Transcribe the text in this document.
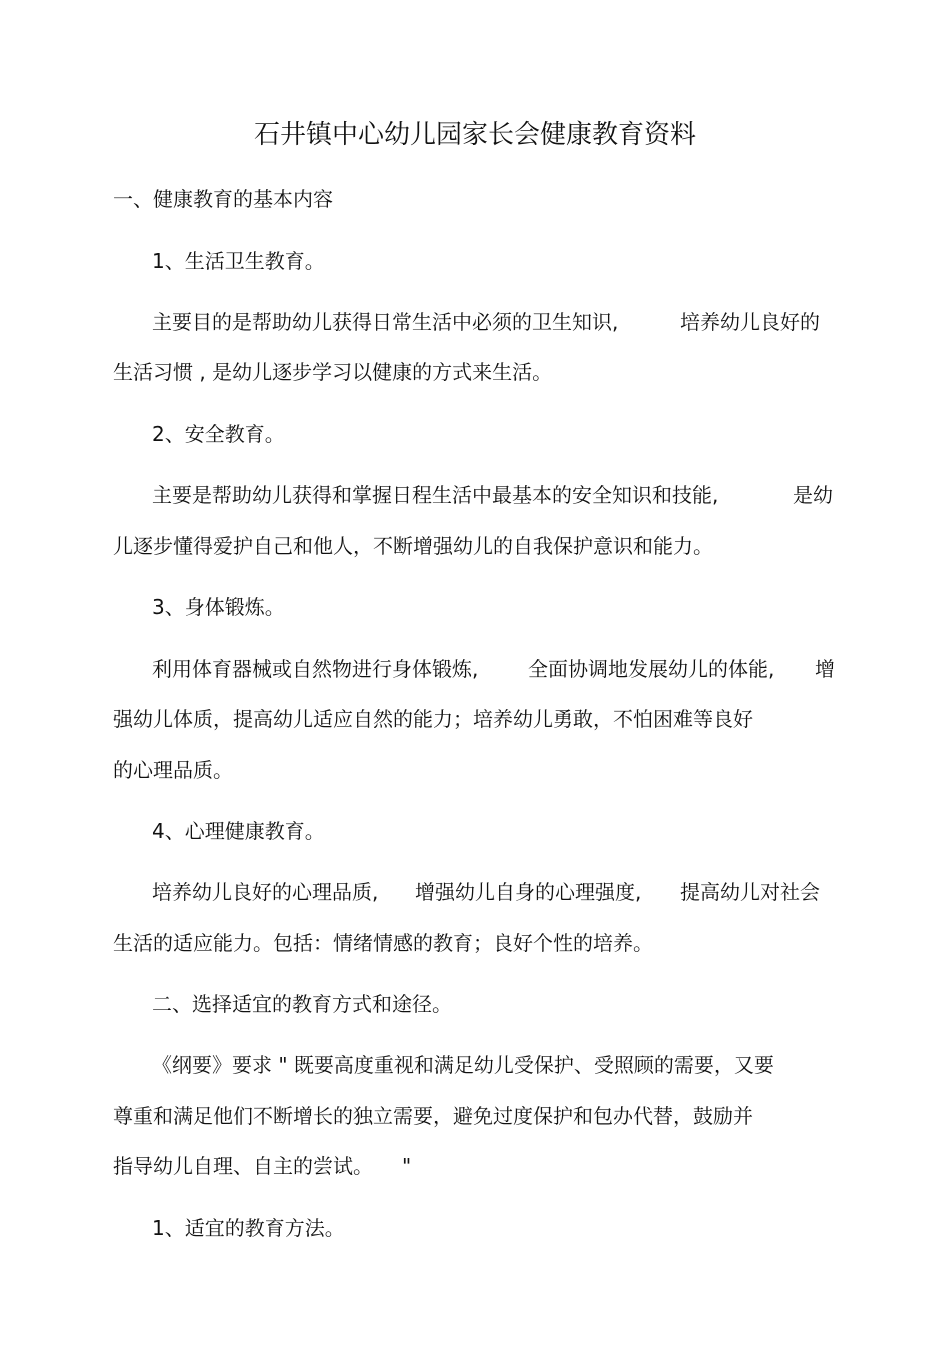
石井镇中心幼儿园家长会健康教育资料
一、健康教育的基本内容
1、生活卫生教育。
主要目的是帮助幼儿获得日常生活中必须的卫生知识,	培养幼儿良好的
生活习惯 , 是幼儿逐步学习以健康的方式来生活。
2、安全教育。
主要是帮助幼儿获得和掌握日程生活中最基本的安全知识和技能,	是幼
儿逐步懂得爱护自己和他人，不断增强幼儿的自我保护意识和能力。
3、身体锻炼。
利用体育器械或自然物进行身体锻炼, 全面协调地发展幼儿的体能, 增
强幼儿体质，提高幼儿适应自然的能力；培养幼儿勇敢，不怕困难等良好
的心理品质。
4、心理健康教育。
培养幼儿良好的心理品质, 增强幼儿自身的心理强度, 提高幼儿对社会
生活的适应能力。包括：情绪情感的教育；良好个性的培养。
二、选择适宜的教育方式和途径。
《纲要》要求 " 既要高度重视和满足幼儿受保护、受照顾的需要，又要
尊重和满足他们不断增长的独立需要，避免过度保护和包办代替，鼓励并
指导幼儿自理、自主的尝试。 "
1、适宜的教育方法。
